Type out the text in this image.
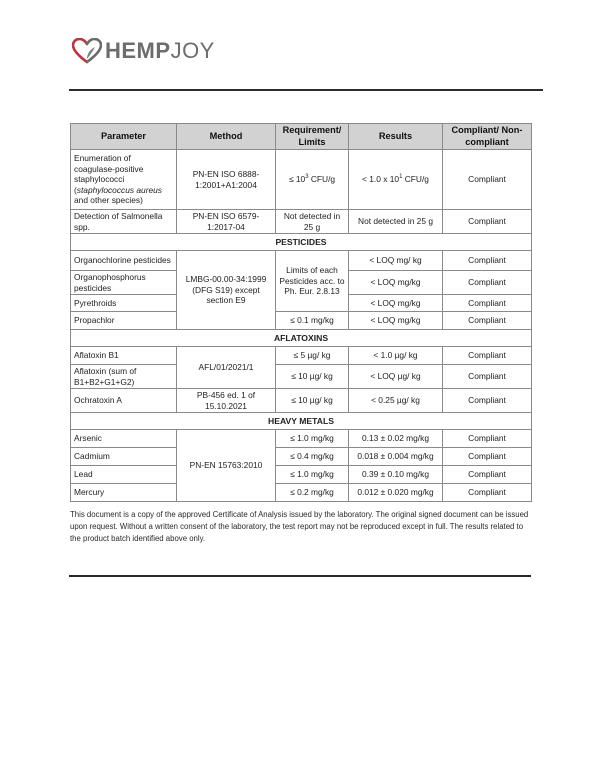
HEMPJOY
Parameter	Method	Requirement/ Limits	Results	Compliant/ Non-compliant
Enumeration of coagulase-positive staphylococci (staphylococcus aureus and other species)	PN-EN ISO 6888-1:2001+A1:2004	≤ $10^3$ CFU/g	< 1.0 x $10^1$ CFU/g	Compliant
Detection of Salmonella spp.	PN-EN ISO 6579-1:2017-04	Not detected in 25 g	Not detected in 25 g	Compliant
PESTICIDES				
Organochlorine pesticides	LMBG-00.00-34:1999 (DFG S19) except section E9	Limits of each Pesticides acc. to Ph. Eur. 2.8.13	< LOQ mg/ kg	Compliant
Organophosphorus pesticides			< LOQ mg/kg	Compliant
Pyrethroids			< LOQ mg/kg	Compliant
Propachlor		≤ 0.1 mg/kg	< LOQ mg/kg	Compliant
AFLATOXINS				
Aflatoxin B1	AFL/01/2021/1	≤ 5 µg/ kg	< 1.0 µg/ kg	Compliant
Aflatoxin (sum of B1+B2+G1+G2)		≤ 10 µg/ kg	< LOQ µg/ kg	Compliant
Ochratoxin A	PB-456 ed. 1 of 15.10.2021	≤ 10 µg/ kg	< 0.25 µg/ kg	Compliant
HEAVY METALS				
Arsenic	PN-EN 15763:2010	≤ 1.0 mg/kg	0.13 ± 0.02 mg/kg	Compliant
Cadmium		≤ 0.4 mg/kg	0.018 ± 0.004 mg/kg	Compliant
Lead		≤ 1.0 mg/kg	0.39 ± 0.10 mg/kg	Compliant
Mercury		≤ 0.2 mg/kg	0.012 ± 0.020 mg/kg	Compliant

This document is a copy of the approved Certificate of Analysis issued by the laboratory. The original signed document can be issued upon request. Without a written consent of the laboratory, the test report may not be reproduced except in full. The results related to the product batch identified above only.
